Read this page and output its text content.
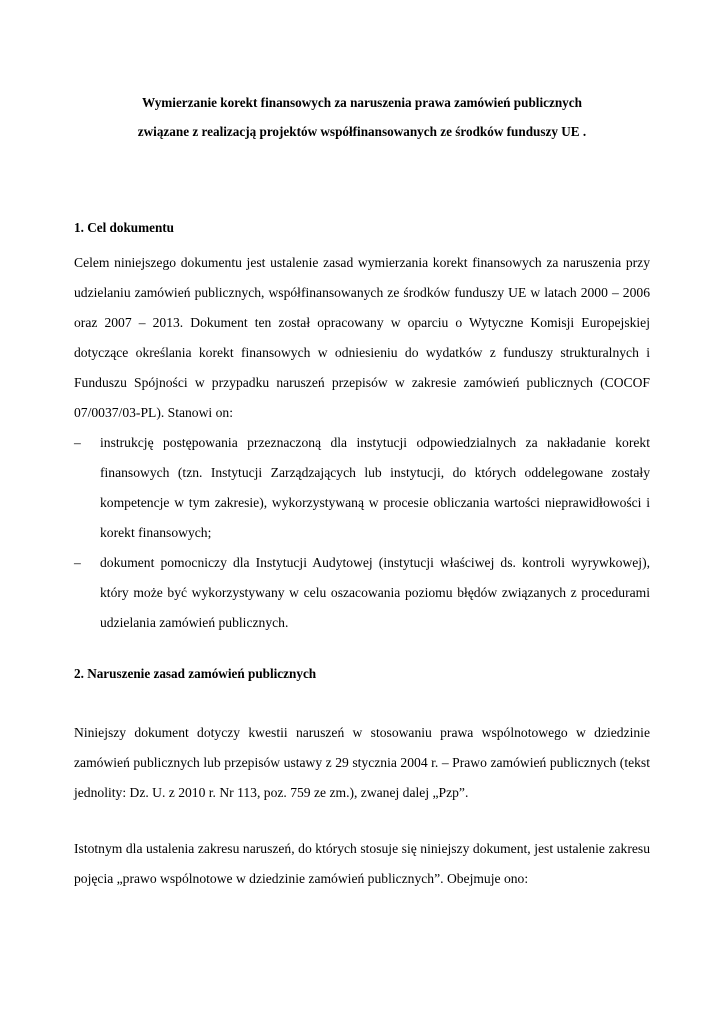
Wymierzanie korekt finansowych za naruszenia prawa zamówień publicznych
związane z realizacją projektów współfinansowanych ze środków funduszy UE .
1. Cel dokumentu

Celem niniejszego dokumentu jest ustalenie zasad wymierzania korekt finansowych za naruszenia przy udzielaniu zamówień publicznych, współfinansowanych ze środków funduszy UE w latach 2000 – 2006 oraz 2007 – 2013. Dokument ten został opracowany w oparciu o Wytyczne Komisji Europejskiej dotyczące określania korekt finansowych w odniesieniu do wydatków z funduszy strukturalnych i Funduszu Spójności w przypadku naruszeń przepisów w zakresie zamówień publicznych (COCOF 07/0037/03-PL). Stanowi on:

– instrukcję postępowania przeznaczoną dla instytucji odpowiedzialnych za nakładanie korekt finansowych (tzn. Instytucji Zarządzających lub instytucji, do których oddelegowane zostały kompetencje w tym zakresie), wykorzystywaną w procesie obliczania wartości nieprawidłowości i korekt finansowych;
– dokument pomocniczy dla Instytucji Audytowej (instytucji właściwej ds. kontroli wyrywkowej), który może być wykorzystywany w celu oszacowania poziomu błędów związanych z procedurami udzielania zamówień publicznych.
2. Naruszenie zasad zamówień publicznych

Niniejszy dokument dotyczy kwestii naruszeń w stosowaniu prawa wspólnotowego w dziedzinie zamówień publicznych lub przepisów ustawy z 29 stycznia 2004 r. – Prawo zamówień publicznych (tekst jednolity: Dz. U. z 2010 r. Nr 113, poz. 759 ze zm.), zwanej dalej „Pzp”.

Istotnym dla ustalenia zakresu naruszeń, do których stosuje się niniejszy dokument, jest ustalenie zakresu pojęcia „prawo wspólnotowe w dziedzinie zamówień publicznych”. Obejmuje ono:
